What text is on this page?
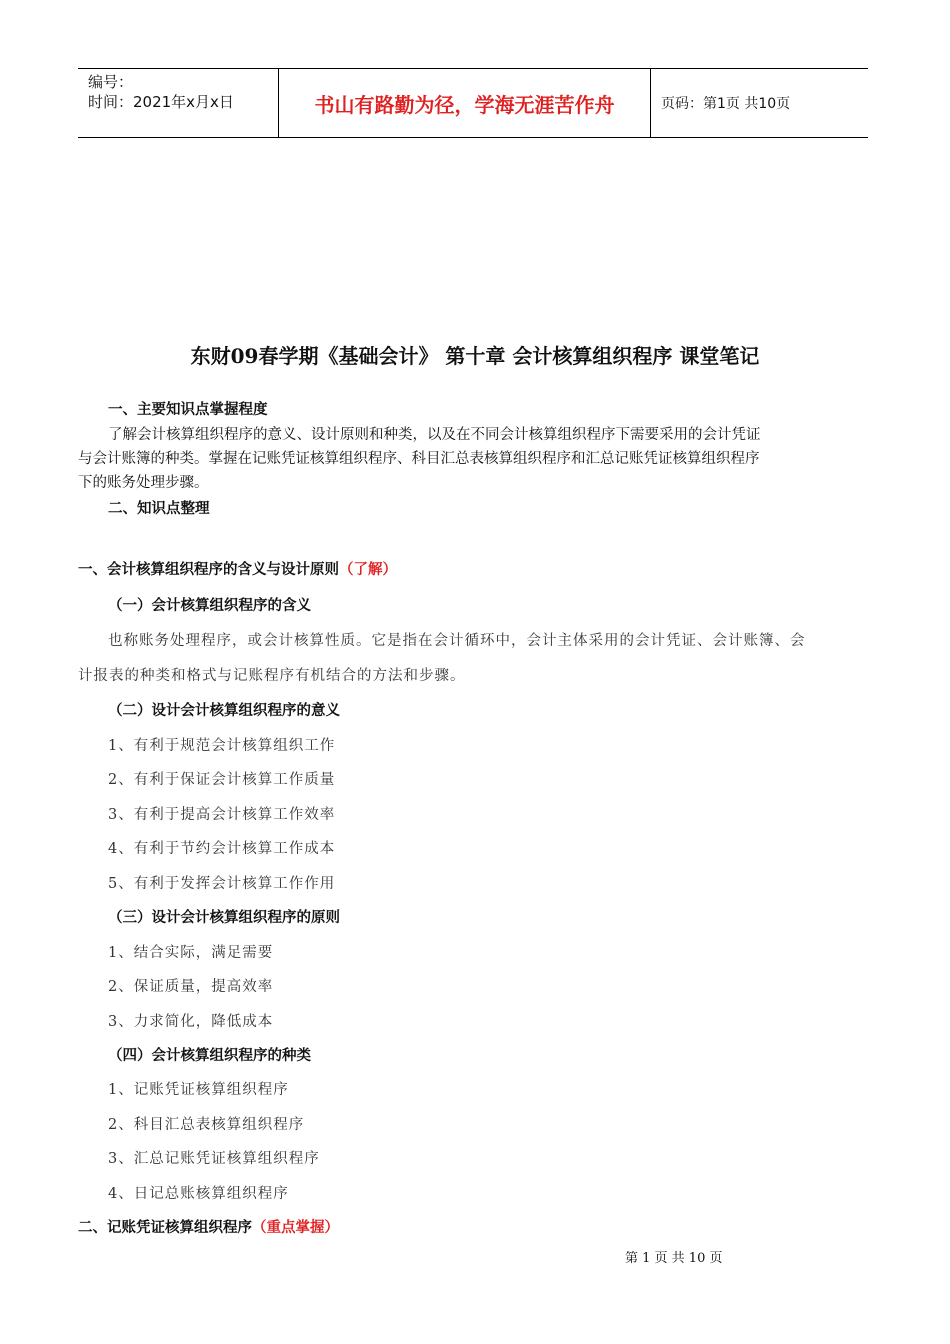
编号：
时间：2021年x月x日	书山有路勤为径，学海无涯苦作舟	页码：第1页 共10页
东财09春学期《基础会计》 第十章 会计核算组织程序 课堂笔记
一、主要知识点掌握程度
了解会计核算组织程序的意义、设计原则和种类，以及在不同会计核算组织程序下需要采用的会计凭证
与会计账簿的种类。掌握在记账凭证核算组织程序、科目汇总表核算组织程序和汇总记账凭证核算组织程序
下的账务处理步骤。
二、知识点整理
一、会计核算组织程序的含义与设计原则（了解）
（一）会计核算组织程序的含义
也称账务处理程序，或会计核算性质。它是指在会计循环中，会计主体采用的会计凭证、会计账簿、会
计报表的种类和格式与记账程序有机结合的方法和步骤。
（二）设计会计核算组织程序的意义
1、有利于规范会计核算组织工作
2、有利于保证会计核算工作质量
3、有利于提高会计核算工作效率
4、有利于节约会计核算工作成本
5、有利于发挥会计核算工作作用
（三）设计会计核算组织程序的原则
1、结合实际，满足需要
2、保证质量，提高效率
3、力求简化，降低成本
（四）会计核算组织程序的种类
1、记账凭证核算组织程序
2、科目汇总表核算组织程序
3、汇总记账凭证核算组织程序
4、日记总账核算组织程序
二、记账凭证核算组织程序（重点掌握）
第 1 页 共 10 页
